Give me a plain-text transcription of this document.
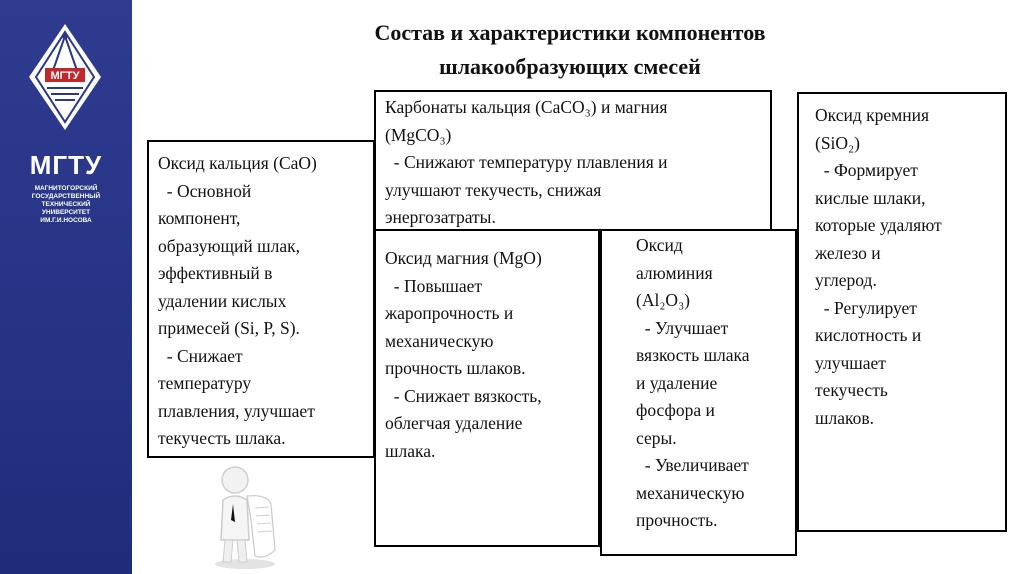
МГТУ
МГТУ
МАГНИТОГОРСКИЙ
ГОСУДАРСТВЕННЫЙ
ТЕХНИЧЕСКИЙ
УНИВЕРСИТЕТ
ИМ.Г.И.НОСОВА
Состав и характеристики компонентов
шлакообразующих смесей

Оксид кальция (CaO)

- Основной

компонент,

образующий шлак,

эффективный в

удалении кислых

примесей (Si, P, S).

- Снижает

температуру

плавления, улучшает

текучесть шлака.

Карбонаты кальция (CaCO₃) и магния

(MgCO₃)

- Снижают температуру плавления и

улучшают текучесть, снижая

энергозатраты.

Оксид кремния

(SiO₂)

- Формирует

кислые шлаки,

которые удаляют

железо и

углерод.

- Регулирует

кислотность и

улучшает

текучесть

шлаков.

Оксид магния (MgO)

- Повышает

жаропрочность и

механическую

прочность шлаков.

- Снижает вязкость,

облегчая удаление

шлака.

Оксид

алюминия

(Al₂O₃)

- Улучшает

вязкость шлака

и удаление

фосфора и

серы.

- Увеличивает

механическую

прочность.
